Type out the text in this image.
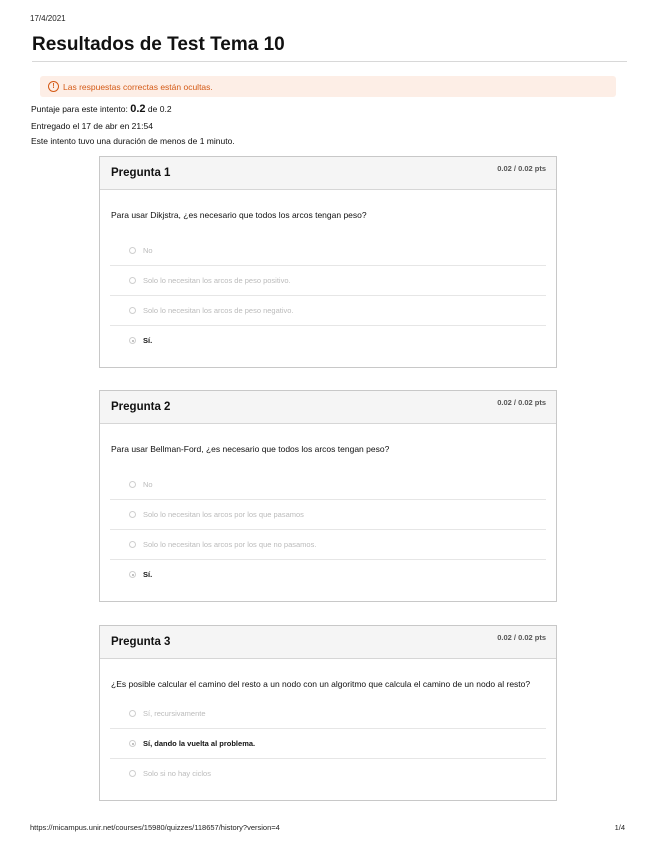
17/4/2021
Resultados de Test Tema 10
! Las respuestas correctas están ocultas.
Puntaje para este intento: 0.2 de 0.2
Entregado el 17 de abr en 21:54
Este intento tuvo una duración de menos de 1 minuto.
Pregunta 1	0.02 / 0.02 pts
Para usar Dikjstra, ¿es necesario que todos los arcos tengan peso?
No
Solo lo necesitan los arcos de peso positivo.
Solo lo necesitan los arcos de peso negativo.
Sí.
Pregunta 2	0.02 / 0.02 pts
Para usar Bellman-Ford, ¿es necesario que todos los arcos tengan peso?
No
Solo lo necesitan los arcos por los que pasamos
Solo lo necesitan los arcos por los que no pasamos.
Sí.
Pregunta 3	0.02 / 0.02 pts
¿Es posible calcular el camino del resto a un nodo con un algoritmo que calcula el camino de un nodo al resto?
Sí, recursivamente
Sí, dando la vuelta al problema.
Solo si no hay ciclos
https://micampus.unir.net/courses/15980/quizzes/118657/history?version=4	1/4
